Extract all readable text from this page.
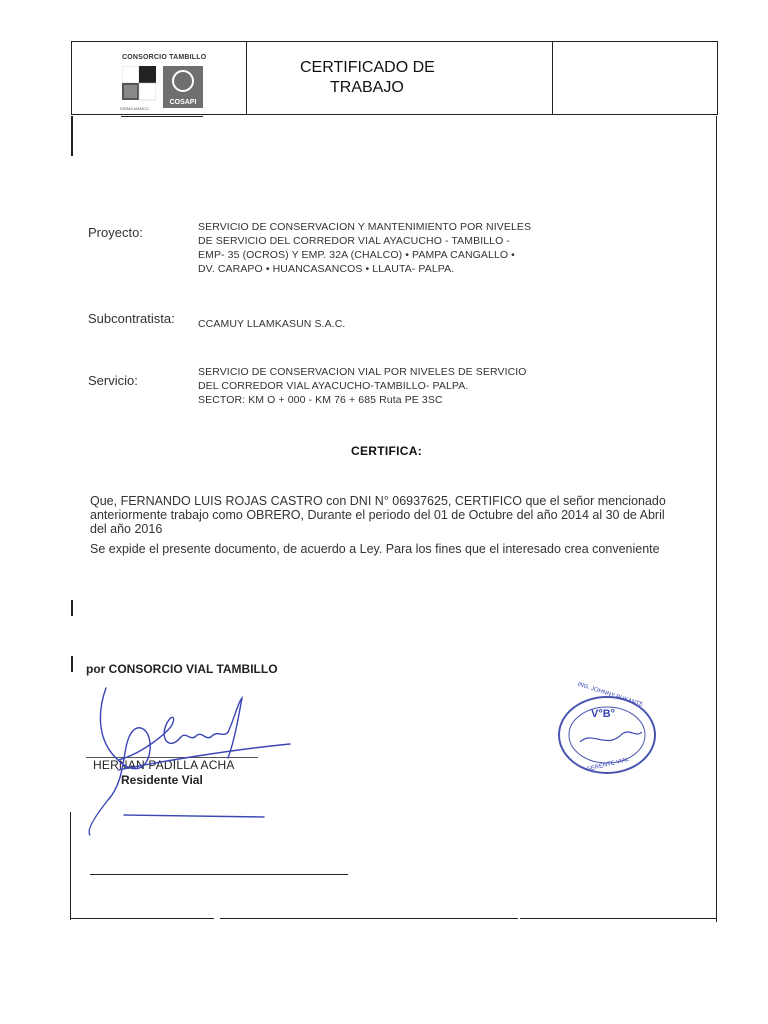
CONSORCIO TAMBILLO
COSAPI
SIGMA MANCO
CERTIFICADO DE
TRABAJO
Proyecto:	SERVICIO DE CONSERVACION Y MANTENIMIENTO POR NIVELES
DE SERVICIO DEL CORREDOR VIAL AYACUCHO - TAMBILLO -
EMP- 35 (OCROS) Y EMP. 32A (CHALCO) • PAMPA CANGALLO •
DV. CARAPO • HUANCASANCOS • LLAUTA- PALPA.
Subcontratista: CCAMUY LLAMKASUN S.A.C.
Servicio:
SERVICIO DE CONSERVACION VIAL POR NIVELES DE SERVICIO
DEL CORREDOR VIAL AYACUCHO-TAMBILLO- PALPA.
SECTOR: KM O + 000 - KM 76 + 685 Ruta PE 3SC
CERTIFICA:
Que, FERNANDO LUIS ROJAS CASTRO con DNI N° 06937625, CERTIFICO que el señor mencionado
anteriormente trabajo como OBRERO, Durante el periodo del 01 de Octubre del año 2014 al 30 de Abril
del año 2016
Se expide el presente documento, de acuerdo a Ley. Para los fines que el interesado crea conveniente
por CONSORCIO VIAL TAMBILLO
HERNAN PADILLA ACHA
Residente Vial
V°B°
ING. JOHNNY BUKANTE
GERENTE VIAL
